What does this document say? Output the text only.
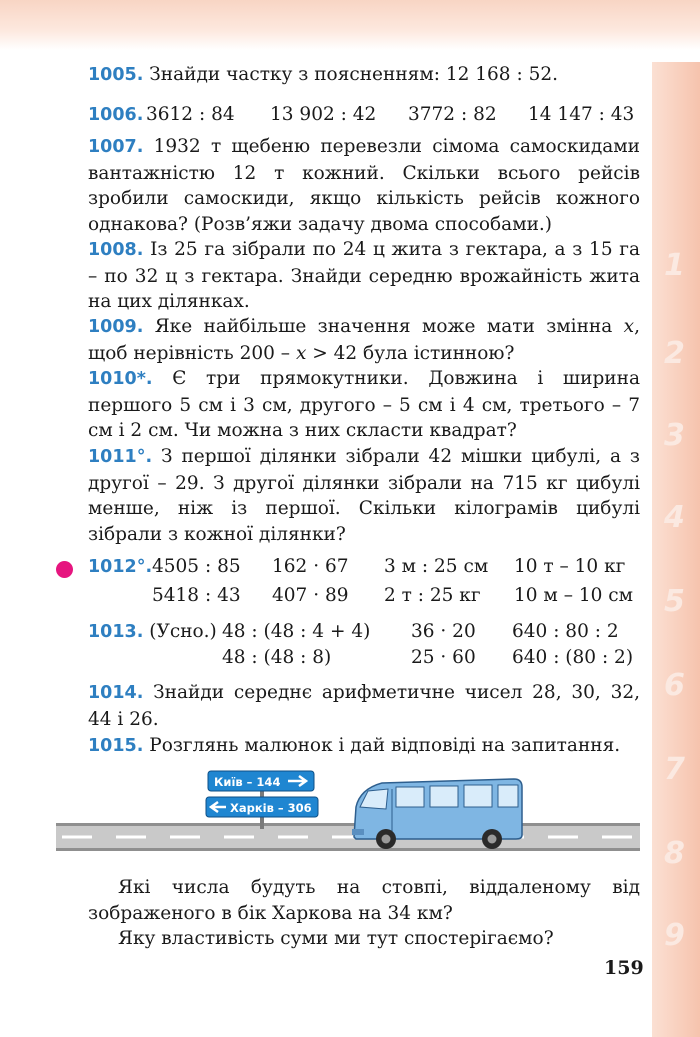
1
2
3
4
5
6
7
8
9
1005. Знайди частку з поясненням: 12 168 : 52.
1006. 3612 : 84 13 902 : 42 3772 : 82 14 147 : 43
1007. 1932 т щебеню перевезли сімома самоскидами вантажністю 12 т кожний. Скільки всього рейсів зробили самоскиди, якщо кількість рейсів кожного однакова? (Розв’яжи задачу двома способами.)
1008. Із 25 га зібрали по 24 ц жита з гектара, а з 15 га – по 32 ц з гектара. Знайди середню врожайність жита на цих ділянках.
1009. Яке найбільше значення може мати змінна x, щоб нерівність 200 – x > 42 була істинною?
1010*. Є три прямокутники. Довжина і ширина першого 5 см і 3 см, другого – 5 см і 4 см, третього – 7 см і 2 см. Чи можна з них скласти квадрат?
1011°. З першої ділянки зібрали 42 мішки цибулі, а з другої – 29. З другої ділянки зібрали на 715 кг цибулі менше, ніж із першої. Скільки кілограмів цибулі зібрали з кожної ділянки?
1012°. 4505 : 85 162 · 67 3 м : 25 см 10 т – 10 кг
5418 : 43 407 · 89 2 т : 25 кг 10 м – 10 см
1013. (Усно.) 48 : (48 : 4 + 4) 36 · 20 640 : 80 : 2
48 : (48 : 8)	25 · 60 640 : (80 : 2)
1014. Знайди середнє арифметичне чисел 28, 30, 32, 44 і 26.
1015. Розглянь малюнок і дай відповіді на запитання.
Київ – 144
Харків – 306
Які числа будуть на стовпі, віддаленому від зображеного в бік Харкова на 34 км?
Яку властивість суми ми тут спостерігаємо?
159
